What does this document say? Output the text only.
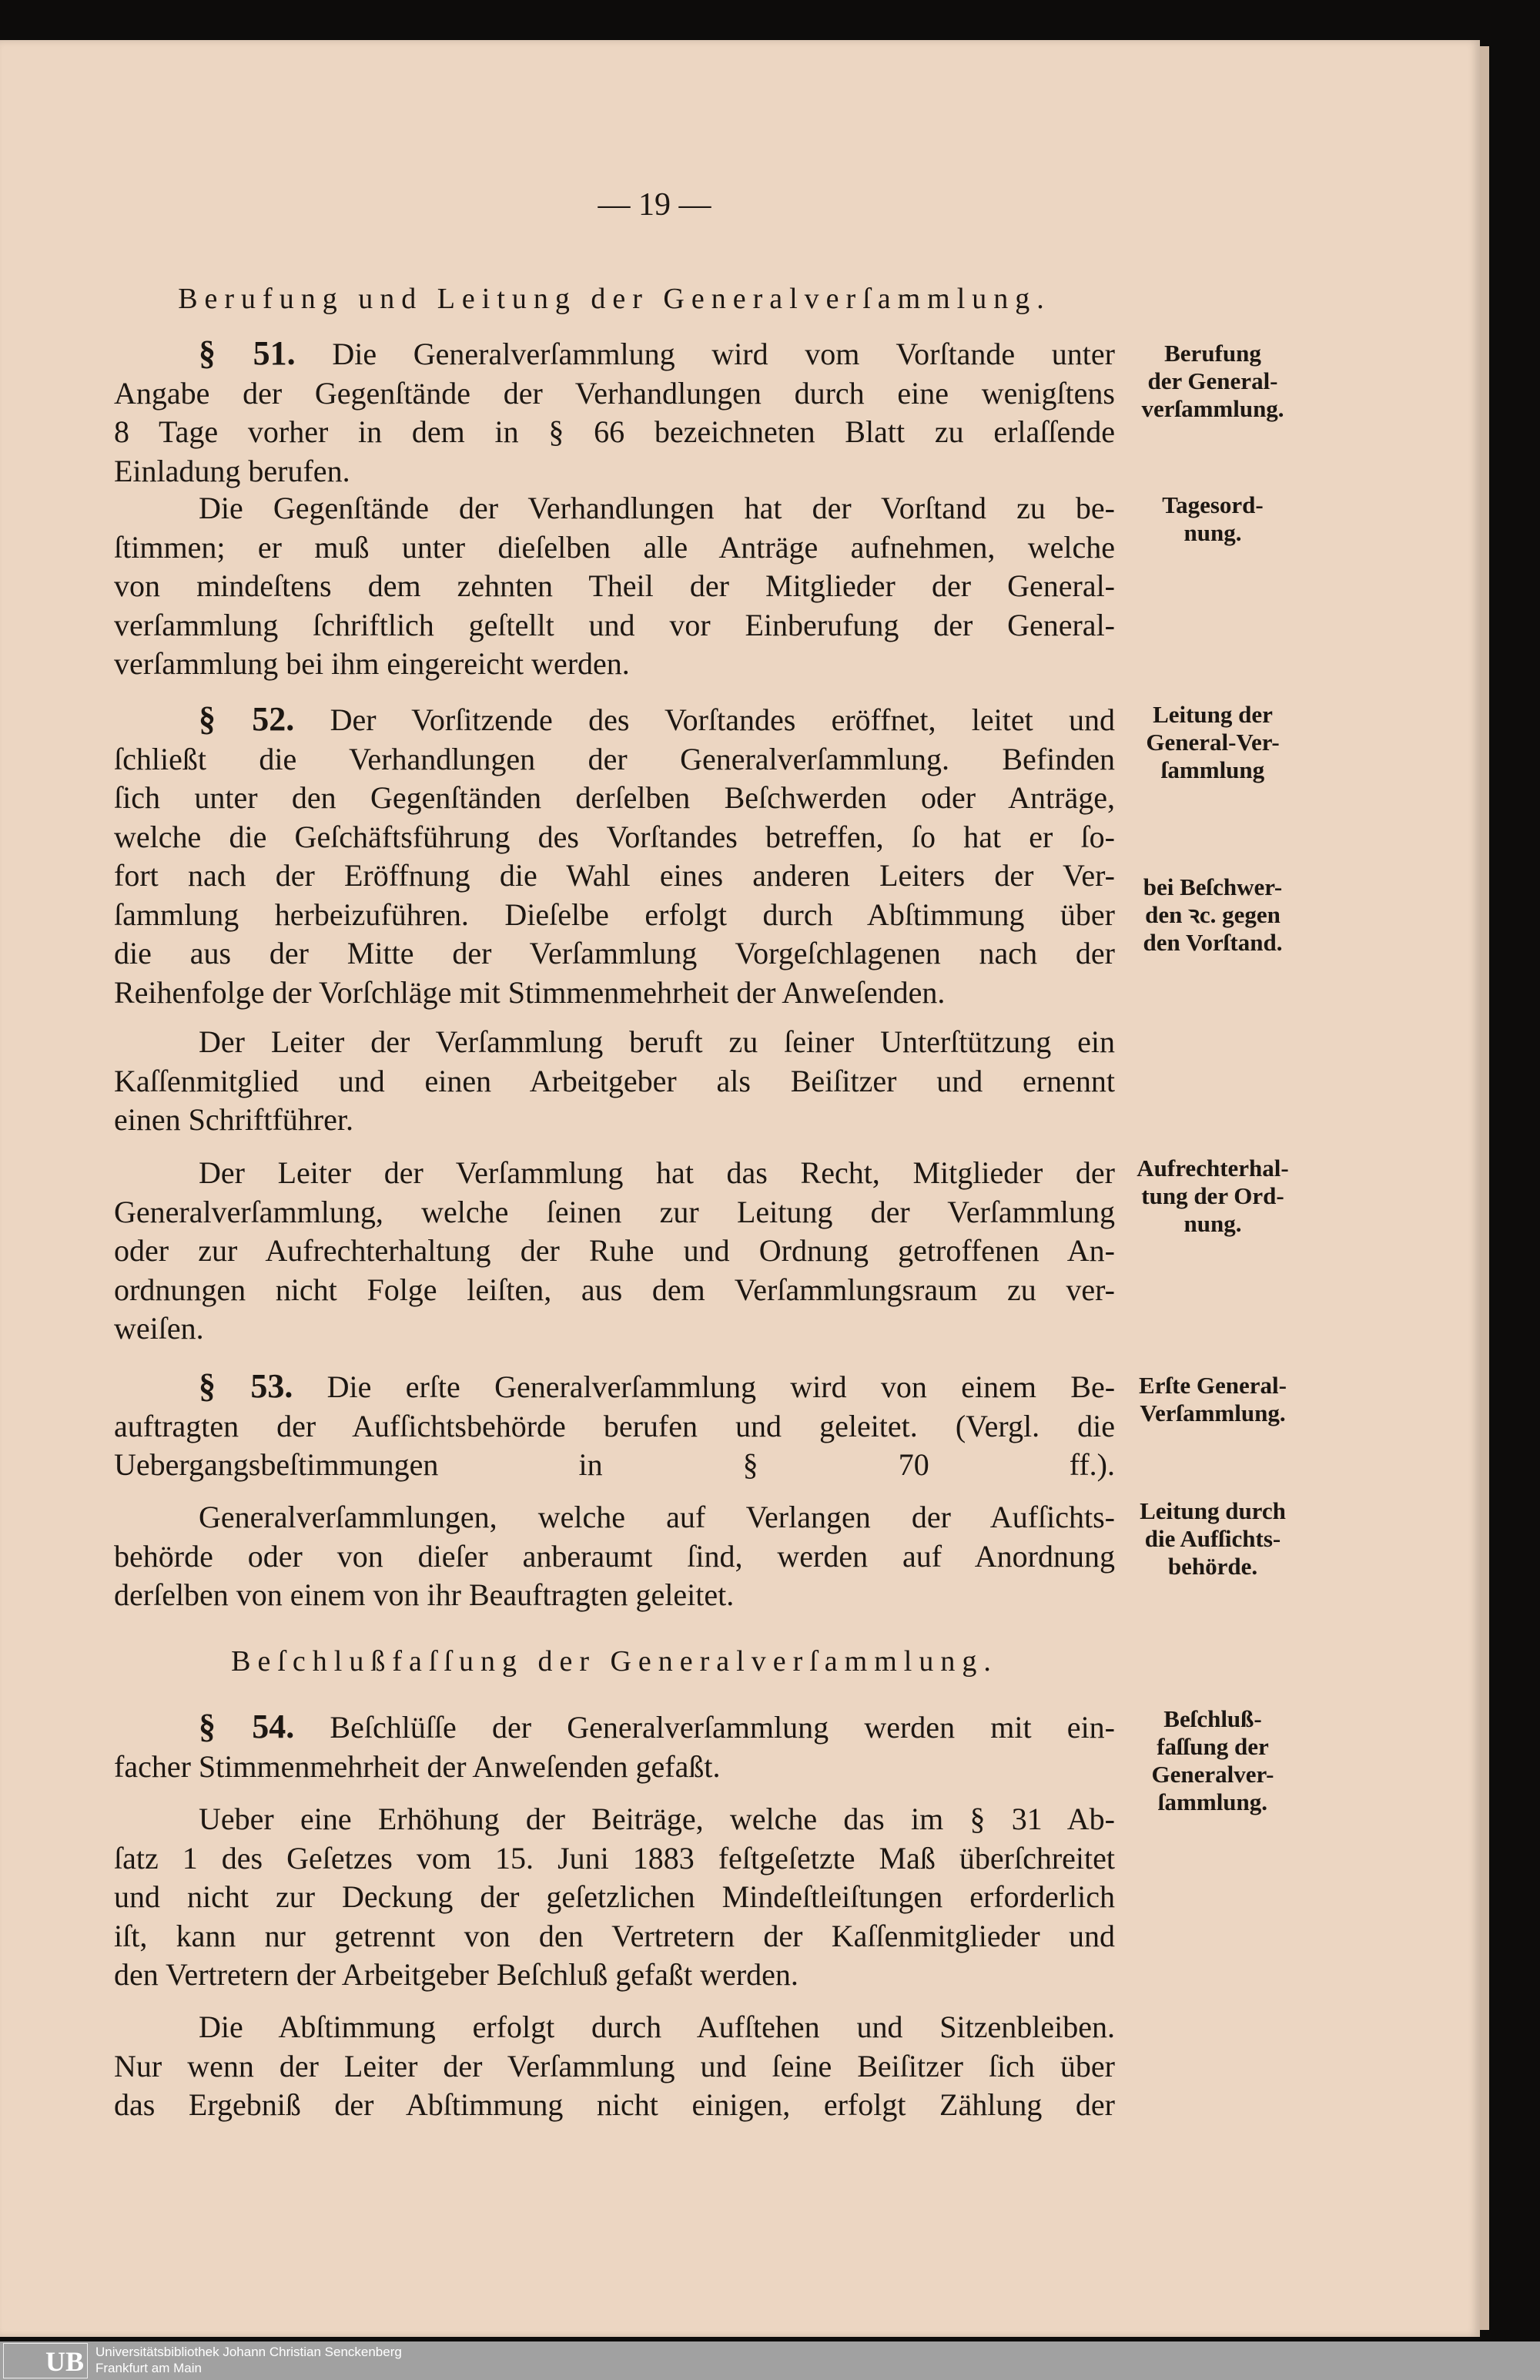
— 19 —
Berufung und Leitung der Generalverſammlung.
Beſchlußfaſſung der Generalverſammlung.
§ 51. Die Generalverſammlung wird vom Vorſtande unter
Angabe der Gegenſtände der Verhandlungen durch eine wenigſtens
8 Tage vorher in dem in § 66 bezeichneten Blatt zu erlaſſende
Einladung berufen.
Die Gegenſtände der Verhandlungen hat der Vorſtand zu be-
ſtimmen; er muß unter dieſelben alle Anträge aufnehmen, welche
von mindeſtens dem zehnten Theil der Mitglieder der General-
verſammlung ſchriftlich geſtellt und vor Einberufung der General-
verſammlung bei ihm eingereicht werden.
§ 52. Der Vorſitzende des Vorſtandes eröffnet, leitet und
ſchließt die Verhandlungen der Generalverſammlung. Befinden
ſich unter den Gegenſtänden derſelben Beſchwerden oder Anträge,
welche die Geſchäftsführung des Vorſtandes betreffen, ſo hat er ſo-
fort nach der Eröffnung die Wahl eines anderen Leiters der Ver-
ſammlung herbeizuführen. Dieſelbe erfolgt durch Abſtimmung über
die aus der Mitte der Verſammlung Vorgeſchlagenen nach der
Reihenfolge der Vorſchläge mit Stimmenmehrheit der Anweſenden.
Der Leiter der Verſammlung beruft zu ſeiner Unterſtützung ein
Kaſſenmitglied und einen Arbeitgeber als Beiſitzer und ernennt
einen Schriftführer.
Der Leiter der Verſammlung hat das Recht, Mitglieder der
Generalverſammlung, welche ſeinen zur Leitung der Verſammlung
oder zur Aufrechterhaltung der Ruhe und Ordnung getroffenen An-
ordnungen nicht Folge leiſten, aus dem Verſammlungsraum zu ver-
weiſen.
§ 53. Die erſte Generalverſammlung wird von einem Be-
auftragten der Aufſichtsbehörde berufen und geleitet. (Vergl. die
Uebergangsbeſtimmungen in § 70 ff.).
Generalverſammlungen, welche auf Verlangen der Aufſichts-
behörde oder von dieſer anberaumt ſind, werden auf Anordnung
derſelben von einem von ihr Beauftragten geleitet.
§ 54. Beſchlüſſe der Generalverſammlung werden mit ein-
facher Stimmenmehrheit der Anweſenden gefaßt.
Ueber eine Erhöhung der Beiträge, welche das im § 31 Ab-
ſatz 1 des Geſetzes vom 15. Juni 1883 feſtgeſetzte Maß überſchreitet
und nicht zur Deckung der geſetzlichen Mindeſtleiſtungen erforderlich
iſt, kann nur getrennt von den Vertretern der Kaſſenmitglieder und
den Vertretern der Arbeitgeber Beſchluß gefaßt werden.
Die Abſtimmung erfolgt durch Aufſtehen und Sitzenbleiben.
Nur wenn der Leiter der Verſammlung und ſeine Beiſitzer ſich über
das Ergebniß der Abſtimmung nicht einigen, erfolgt Zählung der
Berufung
der General-
verſammlung.
Tagesord-
nung.
Leitung der
General-Ver-
ſammlung
bei Beſchwer-
den ꝛc. gegen
den Vorſtand.
Aufrechterhal-
tung der Ord-
nung.
Erſte General-
Verſammlung.
Leitung durch
die Aufſichts-
behörde.
Beſchluß-
faſſung der
Generalver-
ſammlung.
UB Universitätsbibliothek Johann Christian Senckenberg
Frankfurt am Main
